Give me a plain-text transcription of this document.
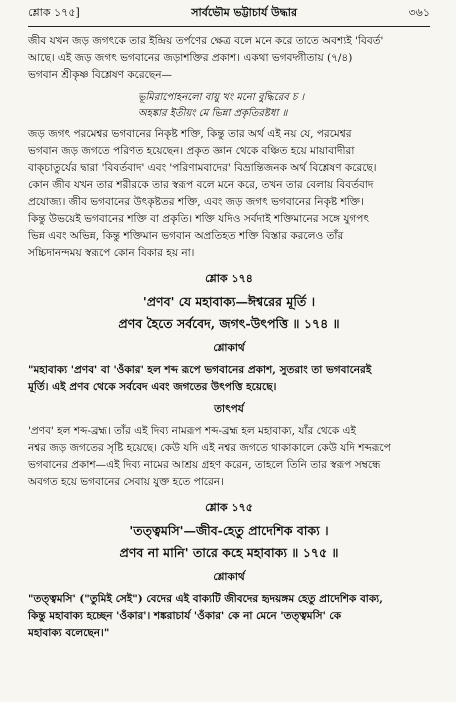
শ্লোক ১৭৫]	সার্বভৌম ভট্টাচার্য উদ্ধার	৩৬১

জীব যখন জড় জগৎকে তার ইন্দ্রিয় তর্পণের ক্ষেত্র বলে মনে করে তাতে অবশ্যই 'বিবর্ত'

আছে। এই জড় জগৎ ভগবানের জড়াশক্তির প্রকাশ। একথা ভগবদ্গীতায় (৭/৪)

ভগবান শ্রীকৃষ্ণ বিশ্লেষণ করেছেন—

ভূমিরাপোহনলো বায়ু খং মনো বুদ্ধিরেব চ ।
অহঙ্কার ইতীয়ং মে ভিন্না প্রকৃতিরষ্টধা ॥

জড় জগৎ পরমেশ্বর ভগবানের নিকৃষ্ট শক্তি, কিন্তু তার অর্থ এই নয় যে, পরমেশ্বর

ভগবান জড় জগতে পরিণত হয়েছেন। প্রকৃত জ্ঞান থেকে বঞ্চিত হয়ে মায়াবাদীরা

বাক্চাতুর্যের দ্বারা 'বিবর্তবাদ' এবং 'পরিণামবাদের' বিভ্রান্তিজনক অর্থ বিশ্লেষণ করেছে।

কোন জীব যখন তার শরীরকে তার স্বরূপ বলে মনে করে, তখন তার বেলায় বিবর্তবাদ

প্রযোজ্য। জীব ভগবানের উৎকৃষ্টতর শক্তি, এবং জড় জগৎ ভগবানের নিকৃষ্ট শক্তি।

কিন্তু উভয়েই ভগবানের শক্তি বা প্রকৃতি। শক্তি যদিও সর্বদাই শক্তিমানের সঙ্গে যুগপৎ

ভিন্ন এবং অভিন্ন, কিন্তু শক্তিমান ভগবান অপ্রতিহত শক্তি বিস্তার করলেও তাঁর

সচ্চিদানন্দময় স্বরূপে কোন বিকার হয় না।

শ্লোক ১৭৪
'প্রণব' যে মহাবাক্য—ঈশ্বরের মূর্তি ।
প্রণব হৈতে সর্ববেদ, জগৎ-উৎপত্তি ॥ ১৭৪ ॥
শ্লোকার্থ

"মহাবাক্য 'প্রণব' বা 'ওঁকার' হল শব্দ রূপে ভগবানের প্রকাশ, সুতরাং তা ভগবানেরই

মূর্তি। এই প্রণব থেকে সর্ববেদ এবং জগতের উৎপত্তি হয়েছে।

তাৎপর্য

'প্রণব' হল শব্দ-ব্রহ্ম। তাঁর এই দিব্য নামরূপ শব্দ-ব্রহ্ম হল মহাবাক্য, যাঁর থেকে এই

নশ্বর জড় জগতের সৃষ্টি হয়েছে। কেউ যদি এই নশ্বর জগতে থাকাকালে কেউ যদি শব্দরূপে

ভগবানের প্রকাশ—এই দিব্য নামের আশ্রয় গ্রহণ করেন, তাহলে তিনি তার স্বরূপ সম্বন্ধে

অবগত হয়ে ভগবানের সেবায় যুক্ত হতে পারেন।

শ্লোক ১৭৫
'তত্ত্বমসি'—জীব-হেতু প্রাদেশিক বাক্য ।
প্রণব না মানি' তারে কহে মহাবাক্য ॥ ১৭৫ ॥
শ্লোকার্থ

"তত্ত্বমসি' ("তুমিই সেই") বেদের এই বাক্যটি জীবদের হৃদয়ঙ্গম হেতু প্রাদেশিক বাক্য,

কিন্তু মহাবাক্য হচ্ছেন 'ওঁকার'। শঙ্করাচার্য 'ওঁকার' কে না মেনে 'তত্ত্বমসি' কে

মহাবাক্য বলেছেন।"
